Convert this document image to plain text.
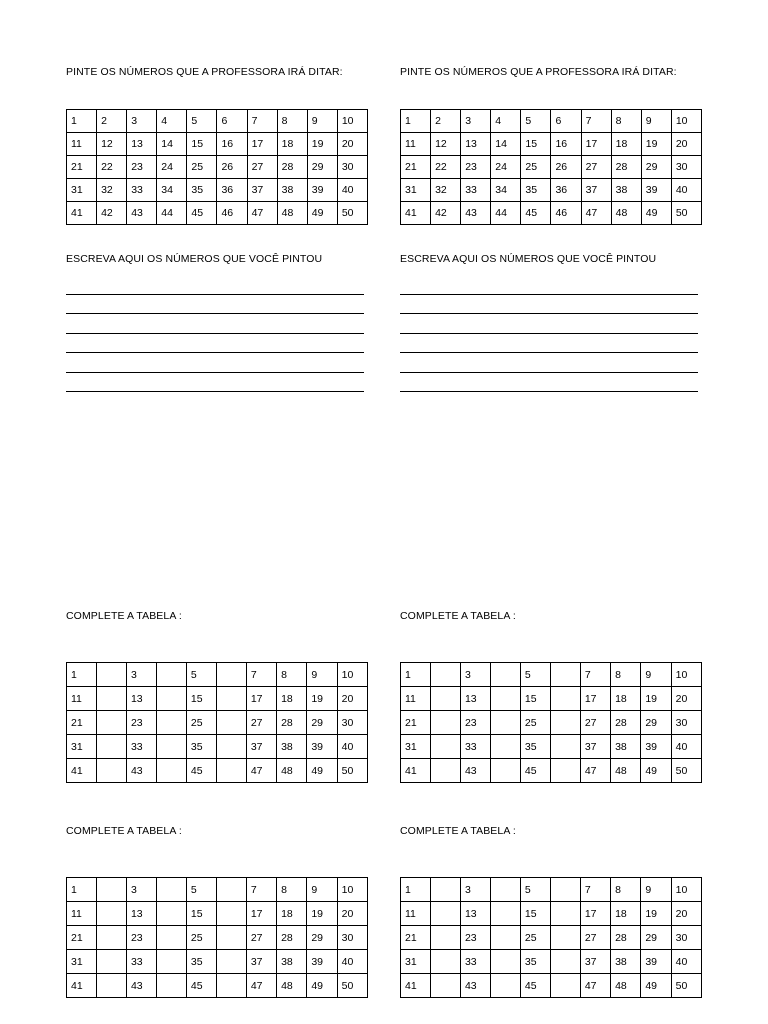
PINTE OS NÚMEROS QUE A PROFESSORA IRÁ DITAR:
1	2	3	4	5	6	7	8	9	10
11	12	13	14	15	16	17	18	19	20
21	22	23	24	25	26	27	28	29	30
31	32	33	34	35	36	37	38	39	40
41	42	43	44	45	46	47	48	49	50
ESCREVA AQUI OS NÚMEROS QUE VOCÊ PINTOU
COMPLETE A TABELA :
1		3		5		7	8	9	10
11		13		15		17	18	19	20
21		23		25		27	28	29	30
31		33		35		37	38	39	40
41		43		45		47	48	49	50
COMPLETE A TABELA :
1		3		5		7	8	9	10
11		13		15		17	18	19	20
21		23		25		27	28	29	30
31		33		35		37	38	39	40
41		43		45		47	48	49	50
PINTE OS NÚMEROS QUE A PROFESSORA IRÁ DITAR:
1	2	3	4	5	6	7	8	9	10
11	12	13	14	15	16	17	18	19	20
21	22	23	24	25	26	27	28	29	30
31	32	33	34	35	36	37	38	39	40
41	42	43	44	45	46	47	48	49	50
ESCREVA AQUI OS NÚMEROS QUE VOCÊ PINTOU
COMPLETE A TABELA :
1		3		5		7	8	9	10
11		13		15		17	18	19	20
21		23		25		27	28	29	30
31		33		35		37	38	39	40
41		43		45		47	48	49	50
COMPLETE A TABELA :
1		3		5		7	8	9	10
11		13		15		17	18	19	20
21		23		25		27	28	29	30
31		33		35		37	38	39	40
41		43		45		47	48	49	50
